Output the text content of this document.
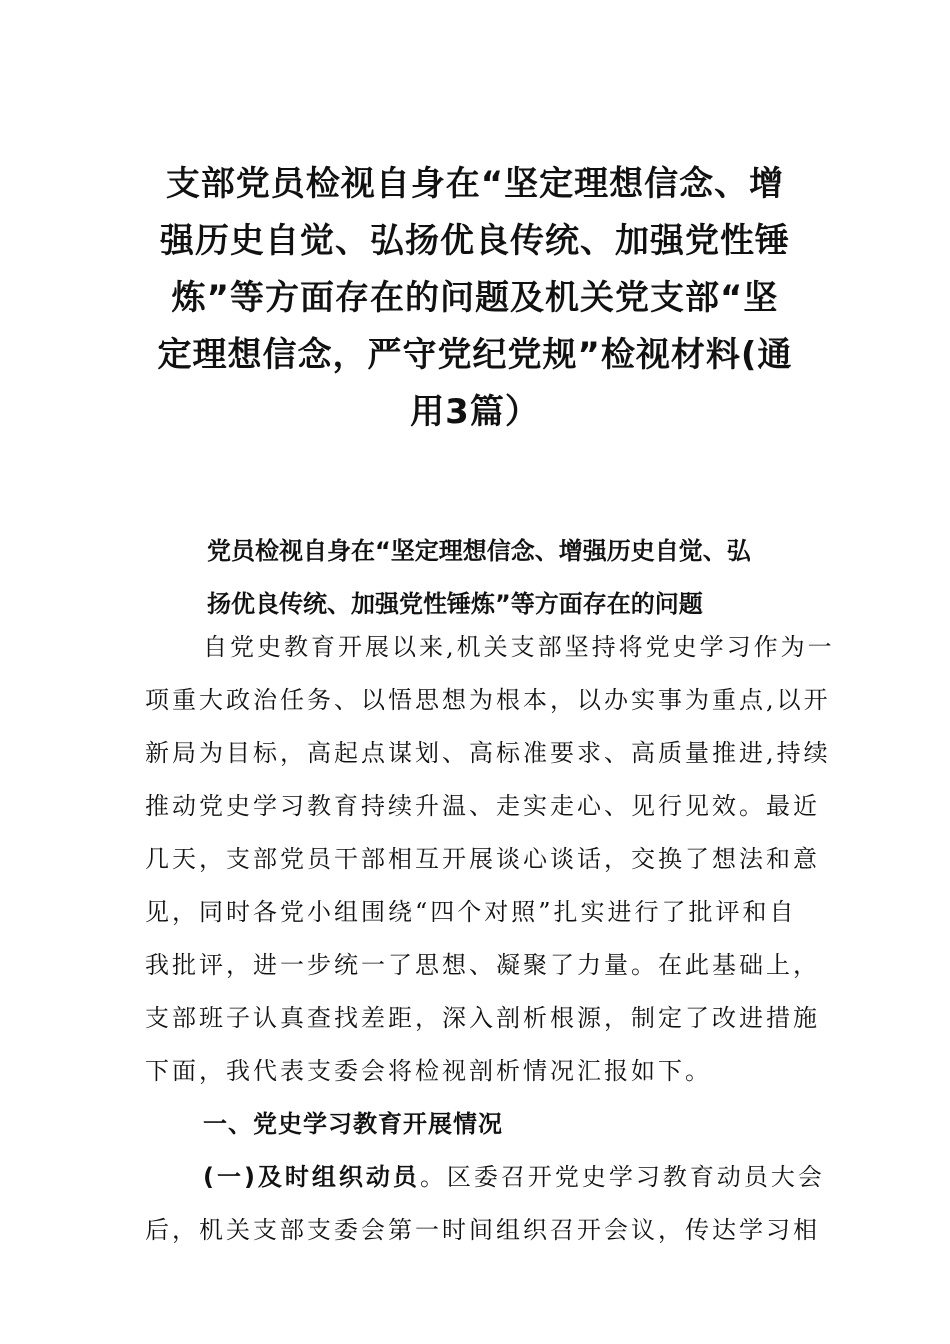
支部党员检视自身在“坚定理想信念、增
强历史自觉、弘扬优良传统、加强党性锤
炼”等方面存在的问题及机关党支部“坚
定理想信念，严守党纪党规”检视材料(通
用3篇）
党员检视自身在“坚定理想信念、增强历史自觉、弘
扬优良传统、加强党性锤炼”等方面存在的问题

自党史教育开展以来,机关支部坚持将党史学习作为一

项重大政治任务、以悟思想为根本，以办实事为重点,以开

新局为目标，高起点谋划、高标准要求、高质量推进,持续

推动党史学习教育持续升温、走实走心、见行见效。最近

几天，支部党员干部相互开展谈心谈话，交换了想法和意

见，同时各党小组围绕“四个对照”扎实进行了批评和自

我批评，进一步统一了思想、凝聚了力量。在此基础上，

支部班子认真查找差距，深入剖析根源，制定了改进措施

下面，我代表支委会将检视剖析情况汇报如下。

一、党史学习教育开展情况

(一)及时组织动员。区委召开党史学习教育动员大会

后，机关支部支委会第一时间组织召开会议，传达学习相
